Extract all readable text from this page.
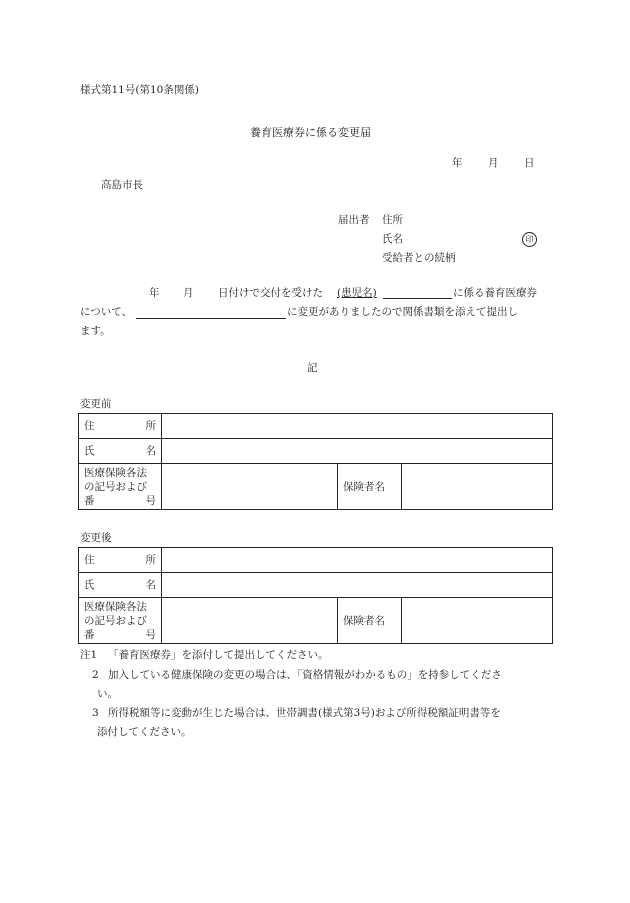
様式第11号(第10条関係)
養育医療券に係る変更届
年 月 日
高島市長
届出者 住所
氏名	印
受給者との続柄
年 月 日付けで交付を受けた (患児名)	に係る養育医療券
について、	に変更がありましたので関係書類を添えて提出し
ます。
記
変更前
住 所			

氏 名			

医療保険各法
の記号および
番 号		保険者名	
変更後
住 所			

氏 名			

医療保険各法
の記号および
番 号		保険者名	
注1 「養育医療券」を添付して提出してください。
2 加入している健康保険の変更の場合は、「資格情報がわかるもの」を持参してくださ
い。
3 所得税額等に変動が生じた場合は、世帯調書(様式第3号)および所得税額証明書等を
添付してください。
